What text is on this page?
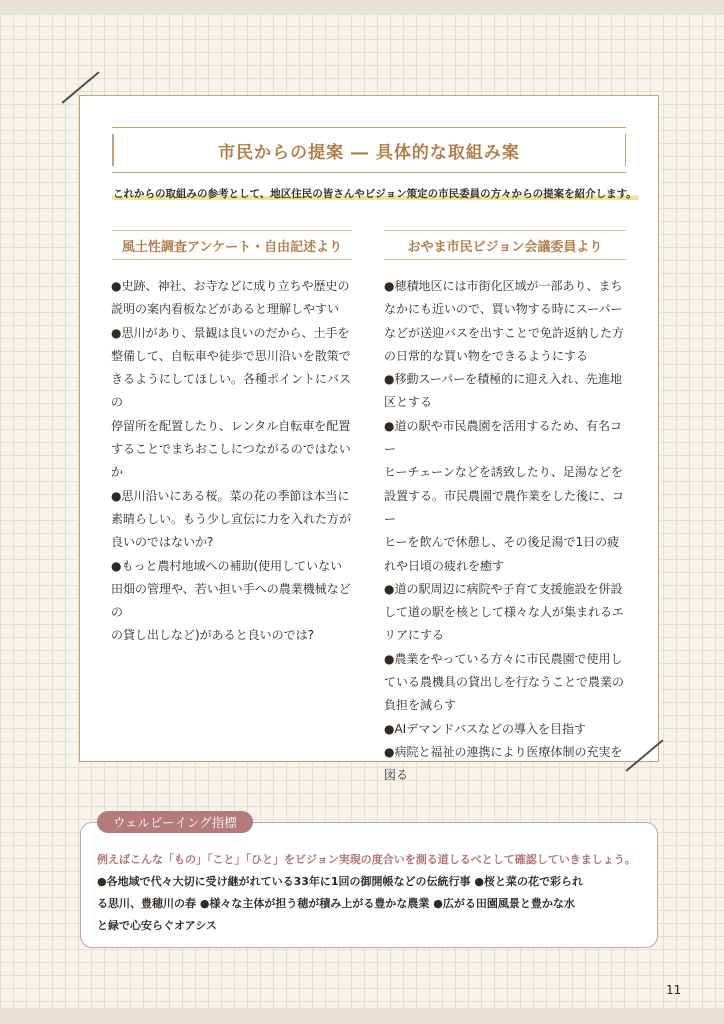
市民からの提案 ― 具体的な取組み案
これからの取組みの参考として、地区住民の皆さんやビジョン策定の市民委員の方々からの提案を紹介します。
風土性調査アンケート・自由記述より	おやま市民ビジョン会議委員より
●史跡、神社、お寺などに成り立ちや歴史の
説明の案内看板などがあると理解しやすい
●思川があり、景観は良いのだから、土手を
整備して、自転車や徒歩で思川沿いを散策で
きるようにしてほしい。各種ポイントにバスの
停留所を配置したり、レンタル自転車を配置
することでまちおこしにつながるのではないか
●思川沿いにある桜。菜の花の季節は本当に
素晴らしい。もう少し宣伝に力を入れた方が
良いのではないか?
●もっと農村地域への補助(使用していない
田畑の管理や、若い担い手への農業機械などの
の貸し出しなど)があると良いのでは?
●穂積地区には市街化区域が一部あり、まち
なかにも近いので、買い物する時にスーパー
などが送迎バスを出すことで免許返納した方
の日常的な買い物をできるようにする
●移動スーパーを積極的に迎え入れ、先進地
区とする
●道の駅や市民農園を活用するため、有名コー
ヒーチェーンなどを誘致したり、足湯などを
設置する。市民農園で農作業をした後に、コー
ヒーを飲んで休憩し、その後足湯で1日の疲
れや日頃の疲れを癒す
●道の駅周辺に病院や子育て支援施設を併設
して道の駅を核として様々な人が集まれるエ
リアにする
●農業をやっている方々に市民農園で使用し
ている農機具の貸出しを行なうことで農業の
負担を減らす
●AIデマンドバスなどの導入を目指す
●病院と福祉の連携により医療体制の充実を
図る
ウェルビーイング指標
例えばこんな「もの」「こと」「ひと」をビジョン実現の度合いを測る道しるべとして確認していきましょう。
●各地域で代々大切に受け継がれている33年に1回の御開帳などの伝統行事 ●桜と菜の花で彩られ
る思川、豊穂川の春 ●様々な主体が担う穂が積み上がる豊かな農業 ●広がる田園風景と豊かな水
と緑で心安らぐオアシス
11
